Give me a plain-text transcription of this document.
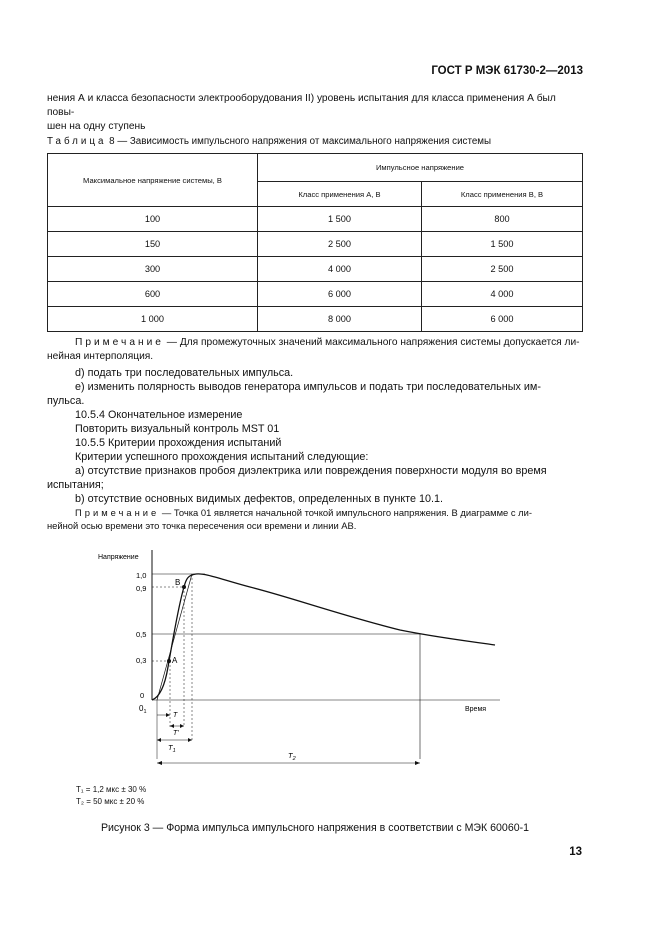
ГОСТ Р МЭК 61730-2—2013
нения А и класса безопасности электрооборудования II) уровень испытания для класса применения А был повы-
шен на одну ступень
Таблица 8 — Зависимость импульсного напряжения от максимального напряжения системы
Максимальное напряжение системы, В	Импульсное напряжение	
	Класс применения А, В	Класс применения В, В
100	1 500	800
150	2 500	1 500
300	4 000	2 500
600	6 000	4 000
1 000	8 000	6 000
Примечание — Для промежуточных значений максимального напряжения системы допускается ли-
нейная интерполяция.

d) подать три последовательных импульса.

e) изменить полярность выводов генератора импульсов и подать три последовательных им-

пульса.

10.5.4 Окончательное измерение

Повторить визуальный контроль MST 01

10.5.5 Критерии прохождения испытаний

Критерии успешного прохождения испытаний следующие:

a) отсутствие признаков пробоя диэлектрика или повреждения поверхности модуля во время

испытания;

b) отсутствие основных видимых дефектов, определенных в пункте 10.1.

Примечание — Точка 01 является начальной точкой импульсного напряжения. В диаграмме с ли-
нейной осью времени это точка пересечения оси времени и линии АВ.
Напряжение
Время
1,0
0,9
0,5
0,3
0
A
B
$0_1$	T
T'
$T_1$	$T_2$
T₁ = 1,2 мкс ± 30 %
T₂ = 50 мкс ± 20 %
Рисунок 3 — Форма импульса импульсного напряжения в соответствии с МЭК 60060-1
13
